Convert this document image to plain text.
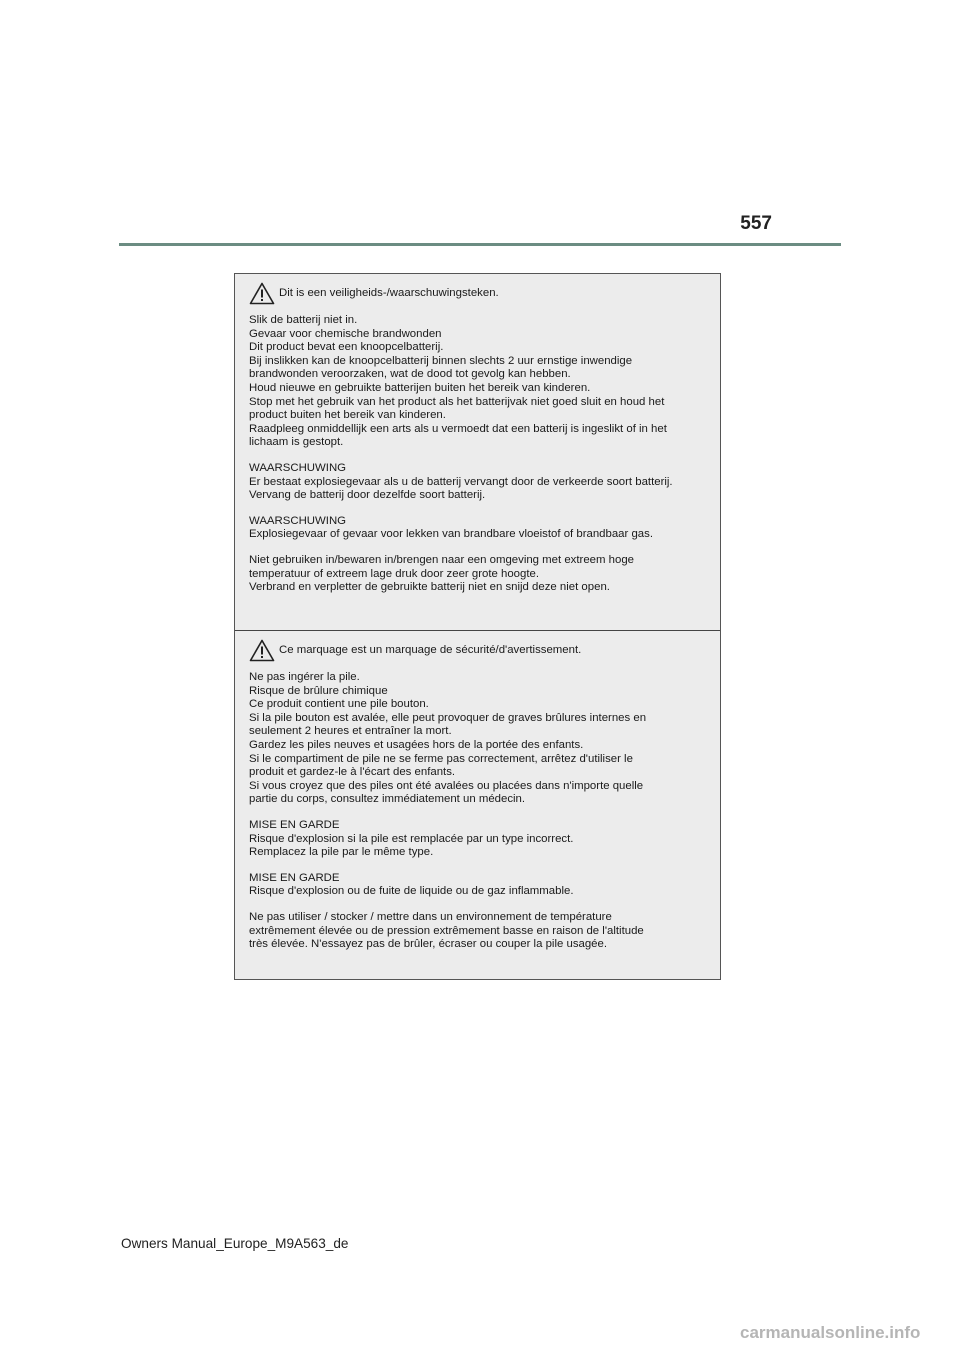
557
Dit is een veiligheids-/waarschuwingsteken.
Slik de batterij niet in.
Gevaar voor chemische brandwonden
Dit product bevat een knoopcelbatterij.
Bij inslikken kan de knoopcelbatterij binnen slechts 2 uur ernstige inwendige
brandwonden veroorzaken, wat de dood tot gevolg kan hebben.
Houd nieuwe en gebruikte batterijen buiten het bereik van kinderen.
Stop met het gebruik van het product als het batterijvak niet goed sluit en houd het
product buiten het bereik van kinderen.
Raadpleeg onmiddellijk een arts als u vermoedt dat een batterij is ingeslikt of in het
lichaam is gestopt.
WAARSCHUWING
Er bestaat explosiegevaar als u de batterij vervangt door de verkeerde soort batterij.
Vervang de batterij door dezelfde soort batterij.
WAARSCHUWING
Explosiegevaar of gevaar voor lekken van brandbare vloeistof of brandbaar gas.
Niet gebruiken in/bewaren in/brengen naar een omgeving met extreem hoge
temperatuur of extreem lage druk door zeer grote hoogte.
Verbrand en verpletter de gebruikte batterij niet en snijd deze niet open.
Ce marquage est un marquage de sécurité/d'avertissement.
Ne pas ingérer la pile.
Risque de brûlure chimique
Ce produit contient une pile bouton.
Si la pile bouton est avalée, elle peut provoquer de graves brûlures internes en
seulement 2 heures et entraîner la mort.
Gardez les piles neuves et usagées hors de la portée des enfants.
Si le compartiment de pile ne se ferme pas correctement, arrêtez d'utiliser le
produit et gardez-le à l'écart des enfants.
Si vous croyez que des piles ont été avalées ou placées dans n'importe quelle
partie du corps, consultez immédiatement un médecin.
MISE EN GARDE
Risque d'explosion si la pile est remplacée par un type incorrect.
Remplacez la pile par le même type.
MISE EN GARDE
Risque d'explosion ou de fuite de liquide ou de gaz inflammable.
Ne pas utiliser / stocker / mettre dans un environnement de température
extrêmement élevée ou de pression extrêmement basse en raison de l'altitude
très élevée. N'essayez pas de brûler, écraser ou couper la pile usagée.
Owners Manual_Europe_M9A563_de
carmanualsonline.info
